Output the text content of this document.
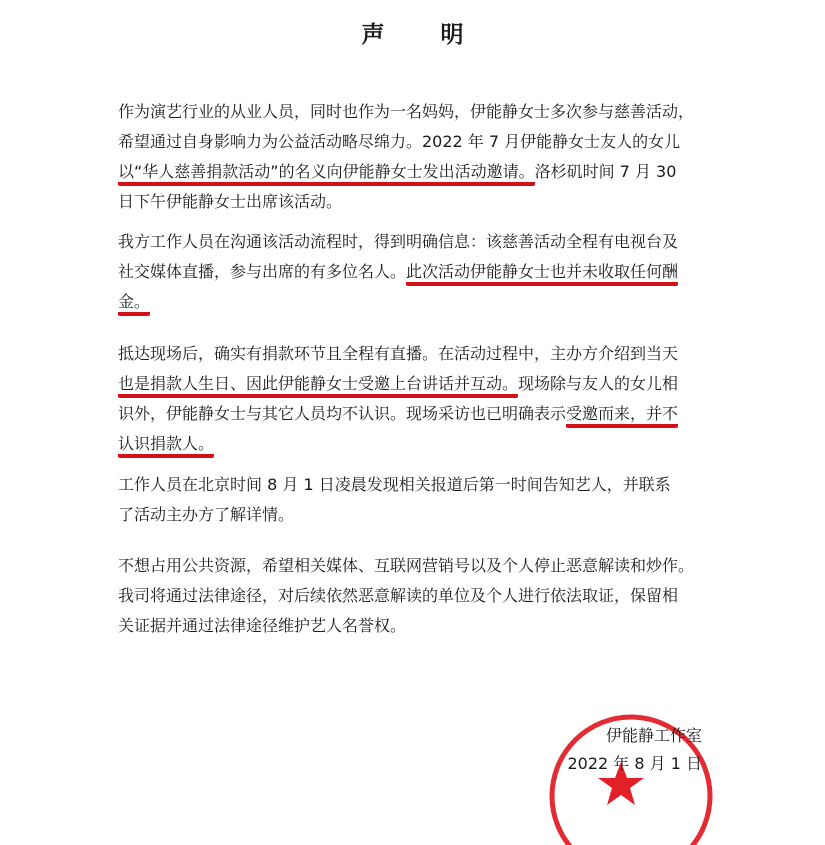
声 明
作为演艺行业的从业人员，同时也作为一名妈妈，伊能静女士多次参与慈善活动，
希望通过自身影响力为公益活动略尽绵力。2022 年 7 月伊能静女士友人的女儿
以“华人慈善捐款活动”的名义向伊能静女士发出活动邀请。洛杉矶时间 7 月 30
日下午伊能静女士出席该活动。
我方工作人员在沟通该活动流程时，得到明确信息：该慈善活动全程有电视台及
社交媒体直播，参与出席的有多位名人。此次活动伊能静女士也并未收取任何酬
金。
抵达现场后，确实有捐款环节且全程有直播。在活动过程中，主办方介绍到当天
也是捐款人生日、因此伊能静女士受邀上台讲话并互动。现场除与友人的女儿相
识外，伊能静女士与其它人员均不认识。现场采访也已明确表示受邀而来，并不
认识捐款人。
工作人员在北京时间 8 月 1 日凌晨发现相关报道后第一时间告知艺人，并联系
了活动主办方了解详情。
不想占用公共资源，希望相关媒体、互联网营销号以及个人停止恶意解读和炒作。
我司将通过法律途径，对后续依然恶意解读的单位及个人进行依法取证，保留相
关证据并通过法律途径维护艺人名誉权。
伊能静工作室
2022 年 8 月 1 日
